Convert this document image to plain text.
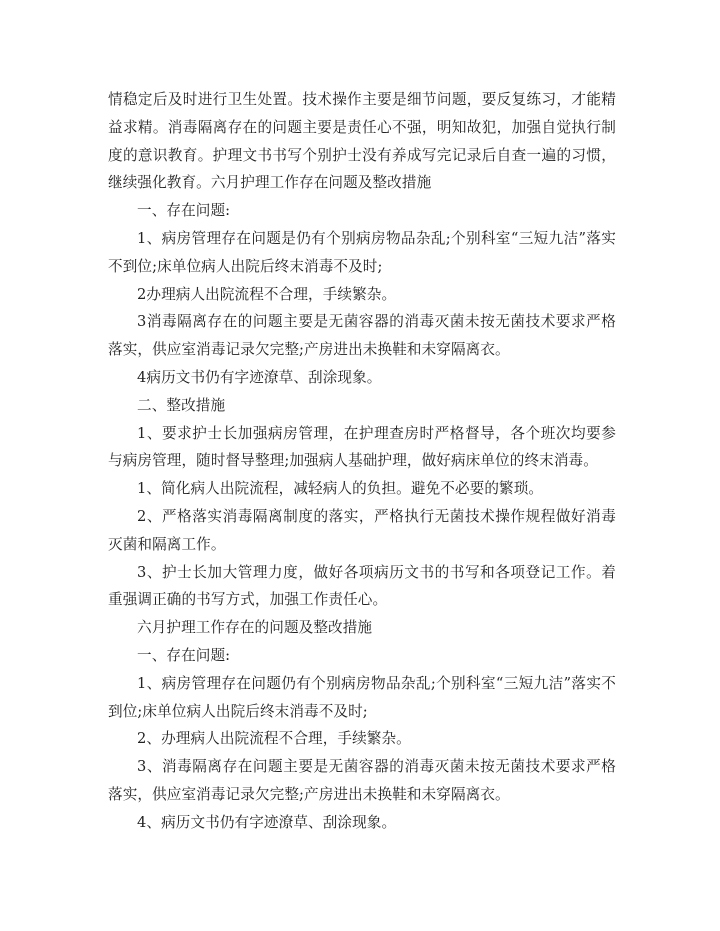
情稳定后及时进行卫生处置。技术操作主要是细节问题，要反复练习，才能精益求精。消毒隔离存在的问题主要是责任心不强，明知故犯，加强自觉执行制度的意识教育。护理文书书写个别护士没有养成写完记录后自查一遍的习惯，继续强化教育。六月护理工作存在问题及整改措施

一、存在问题:

1、病房管理存在问题是仍有个别病房物品杂乱;个别科室“三短九洁”落实不到位;床单位病人出院后终末消毒不及时;

2办理病人出院流程不合理，手续繁杂。

3消毒隔离存在的问题主要是无菌容器的消毒灭菌未按无菌技术要求严格落实，供应室消毒记录欠完整;产房进出未换鞋和未穿隔离衣。

4病历文书仍有字迹潦草、刮涂现象。

二、整改措施

1、要求护士长加强病房管理，在护理查房时严格督导，各个班次均要参与病房管理，随时督导整理;加强病人基础护理，做好病床单位的终末消毒。

1、简化病人出院流程，减轻病人的负担。避免不必要的繁琐。

2、严格落实消毒隔离制度的落实，严格执行无菌技术操作规程做好消毒灭菌和隔离工作。

3、护士长加大管理力度，做好各项病历文书的书写和各项登记工作。着重强调正确的书写方式，加强工作责任心。

六月护理工作存在的问题及整改措施

一、存在问题:

1、病房管理存在问题仍有个别病房物品杂乱;个别科室“三短九洁”落实不到位;床单位病人出院后终末消毒不及时;

2、办理病人出院流程不合理，手续繁杂。

3、消毒隔离存在问题主要是无菌容器的消毒灭菌未按无菌技术要求严格落实，供应室消毒记录欠完整;产房进出未换鞋和未穿隔离衣。

4、病历文书仍有字迹潦草、刮涂现象。
